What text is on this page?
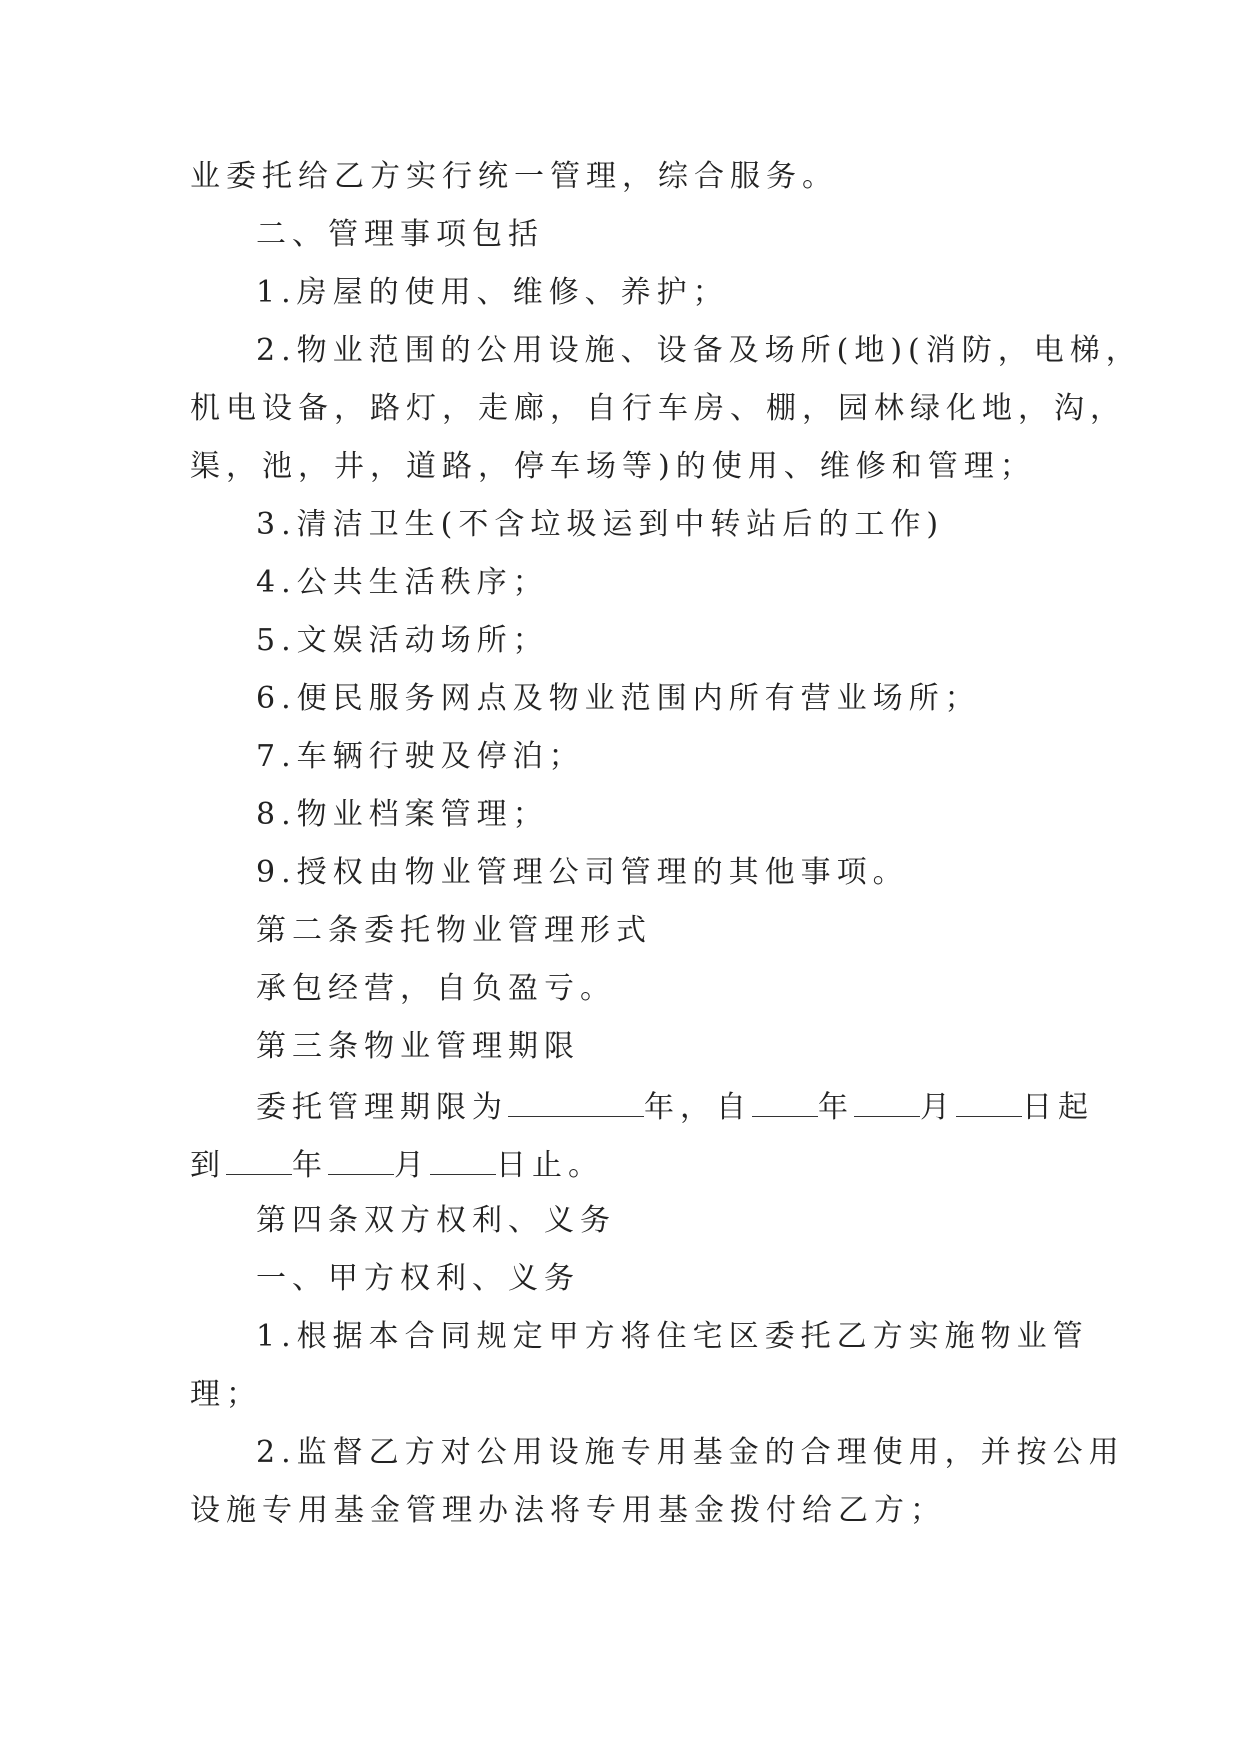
业委托给乙方实行统一管理，综合服务。
二、管理事项包括
1.房屋的使用、维修、养护；
2.物业范围的公用设施、设备及场所(地)(消防，电梯，
机电设备，路灯，走廊，自行车房、棚，园林绿化地，沟，
渠，池，井，道路，停车场等)的使用、维修和管理；
3.清洁卫生(不含垃圾运到中转站后的工作)
4.公共生活秩序；
5.文娱活动场所；
6.便民服务网点及物业范围内所有营业场所；
7.车辆行驶及停泊；
8.物业档案管理；
9.授权由物业管理公司管理的其他事项。
第二条委托物业管理形式
承包经营，自负盈亏。
第三条物业管理期限
委托管理期限为	年，自 年 月 日起
到 年 月 日止。
第四条双方权利、义务
一、甲方权利、义务
1.根据本合同规定甲方将住宅区委托乙方实施物业管
理；
2.监督乙方对公用设施专用基金的合理使用，并按公用
设施专用基金管理办法将专用基金拨付给乙方；
